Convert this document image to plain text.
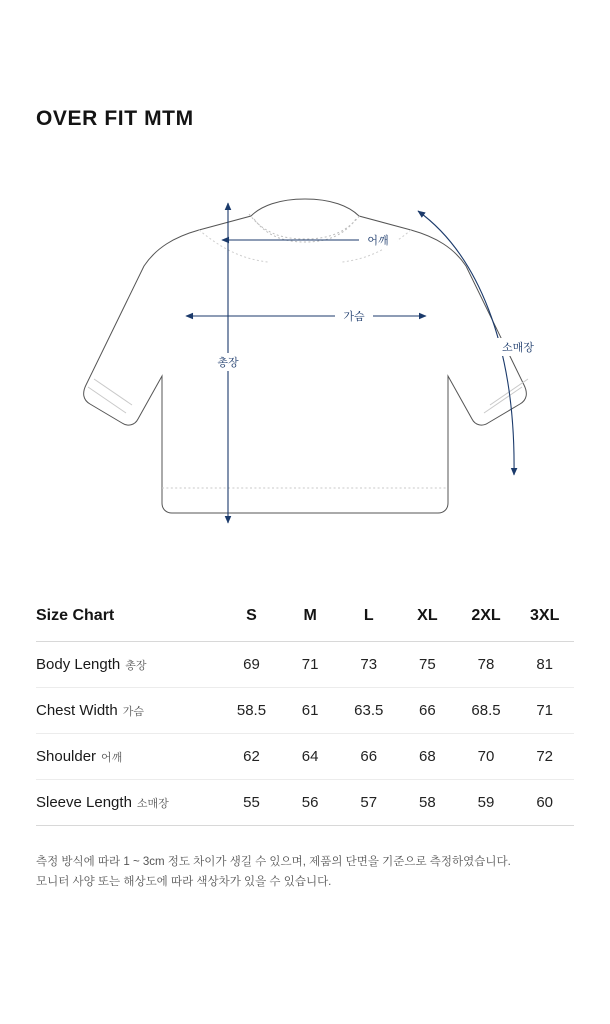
OVER FIT MTM
어깨
가슴
총장
소매장
Size Chart	S	M	L	XL	2XL	3XL
Body Length 총장	69	71	73	75	78	81
Chest Width 가슴	58.5	61	63.5	66	68.5	71
Shoulder 어깨	62	64	66	68	70	72
Sleeve Length 소매장	55	56	57	58	59	60
측정 방식에 따라 1 ~ 3cm 정도 차이가 생길 수 있으며, 제품의 단면을 기준으로 측정하였습니다.
모니터 사양 또는 해상도에 따라 색상차가 있을 수 있습니다.
